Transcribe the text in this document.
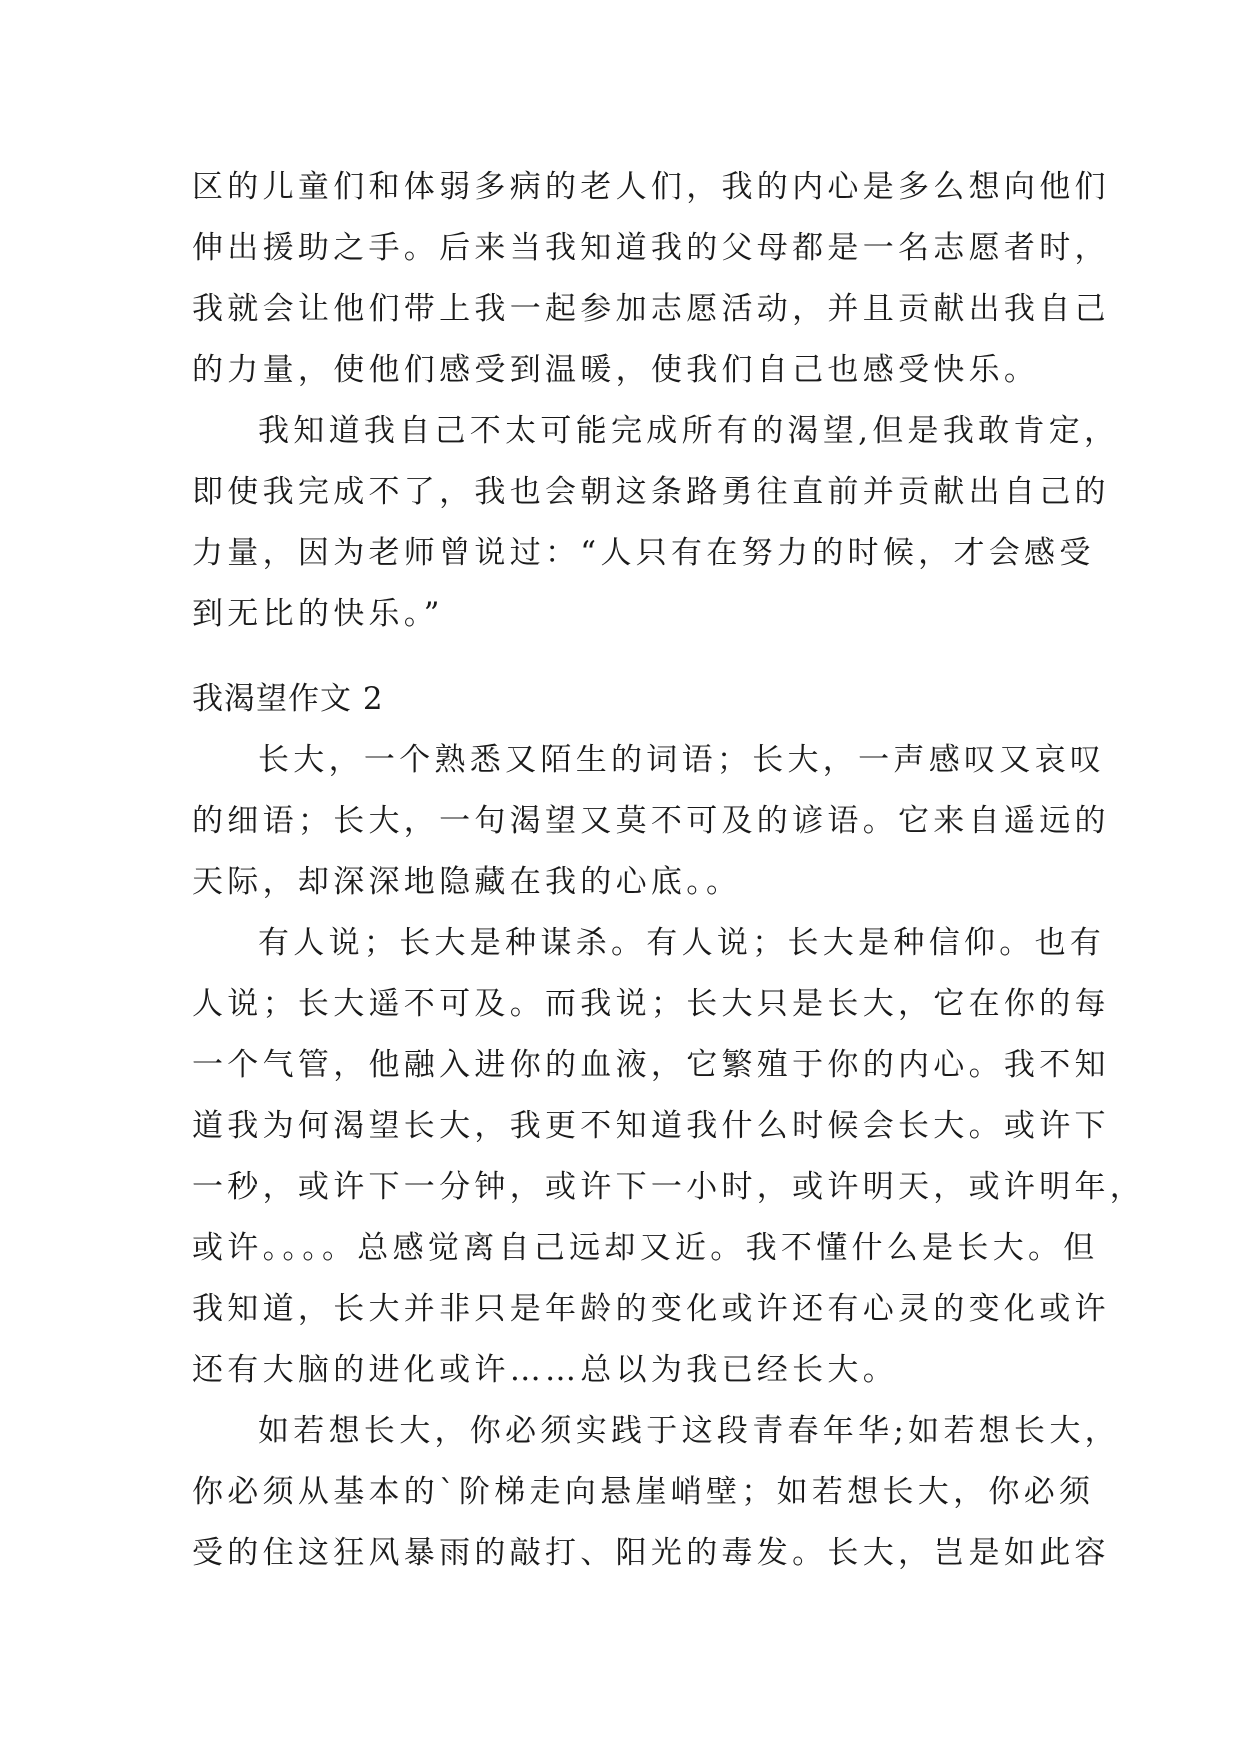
区的儿童们和体弱多病的老人们，我的内心是多么想向他们
伸出援助之手。后来当我知道我的父母都是一名志愿者时，
我就会让他们带上我一起参加志愿活动，并且贡献出我自己
的力量，使他们感受到温暖，使我们自己也感受快乐。
我知道我自己不太可能完成所有的渴望,但是我敢肯定，
即使我完成不了，我也会朝这条路勇往直前并贡献出自己的
力量，因为老师曾说过：“人只有在努力的时候，才会感受
到无比的快乐。”
我渴望作文 2
长大，一个熟悉又陌生的词语；长大，一声感叹又哀叹
的细语；长大，一句渴望又莫不可及的谚语。它来自遥远的
天际，却深深地隐藏在我的心底。。
有人说；长大是种谋杀。有人说；长大是种信仰。也有
人说；长大遥不可及。而我说；长大只是长大，它在你的每
一个气管，他融入进你的血液，它繁殖于你的内心。我不知
道我为何渴望长大，我更不知道我什么时候会长大。或许下
一秒，或许下一分钟，或许下一小时，或许明天，或许明年，
或许。。。。总感觉离自己远却又近。我不懂什么是长大。但
我知道，长大并非只是年龄的变化或许还有心灵的变化或许
还有大脑的进化或许……总以为我已经长大。
如若想长大，你必须实践于这段青春年华;如若想长大，
你必须从基本的`阶梯走向悬崖峭壁；如若想长大，你必须
受的住这狂风暴雨的敲打、阳光的毒发。长大，岂是如此容
